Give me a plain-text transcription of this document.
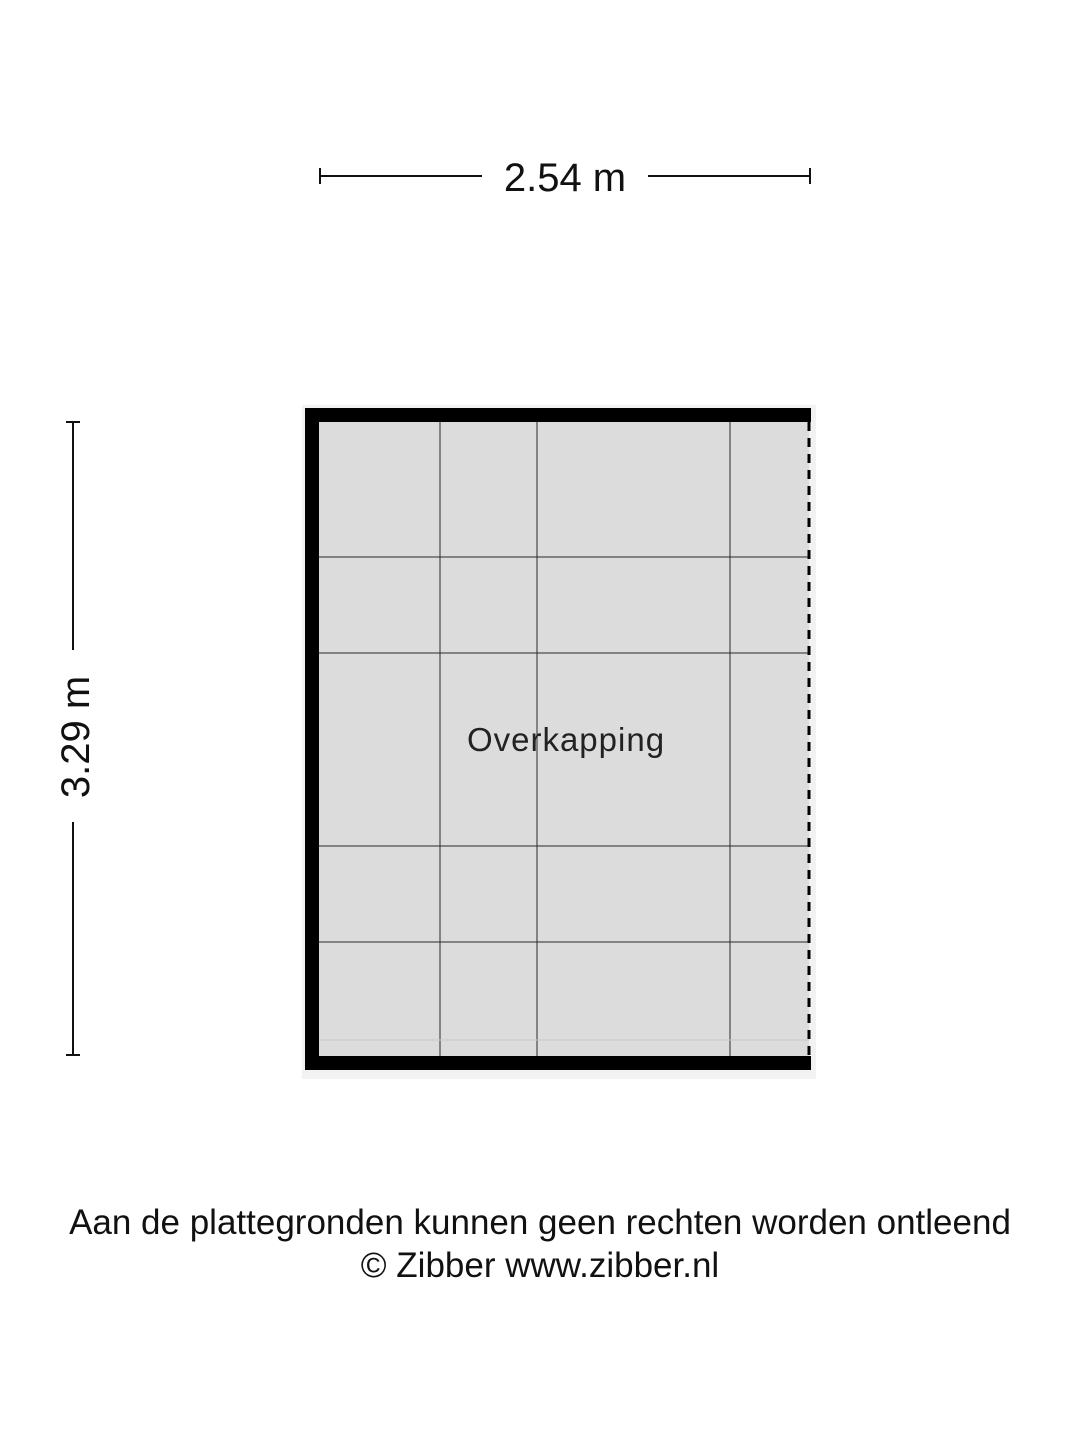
2.54 m
3.29 m	Overkapping
Aan de plattegronden kunnen geen rechten worden ontleend
© Zibber www.zibber.nl
